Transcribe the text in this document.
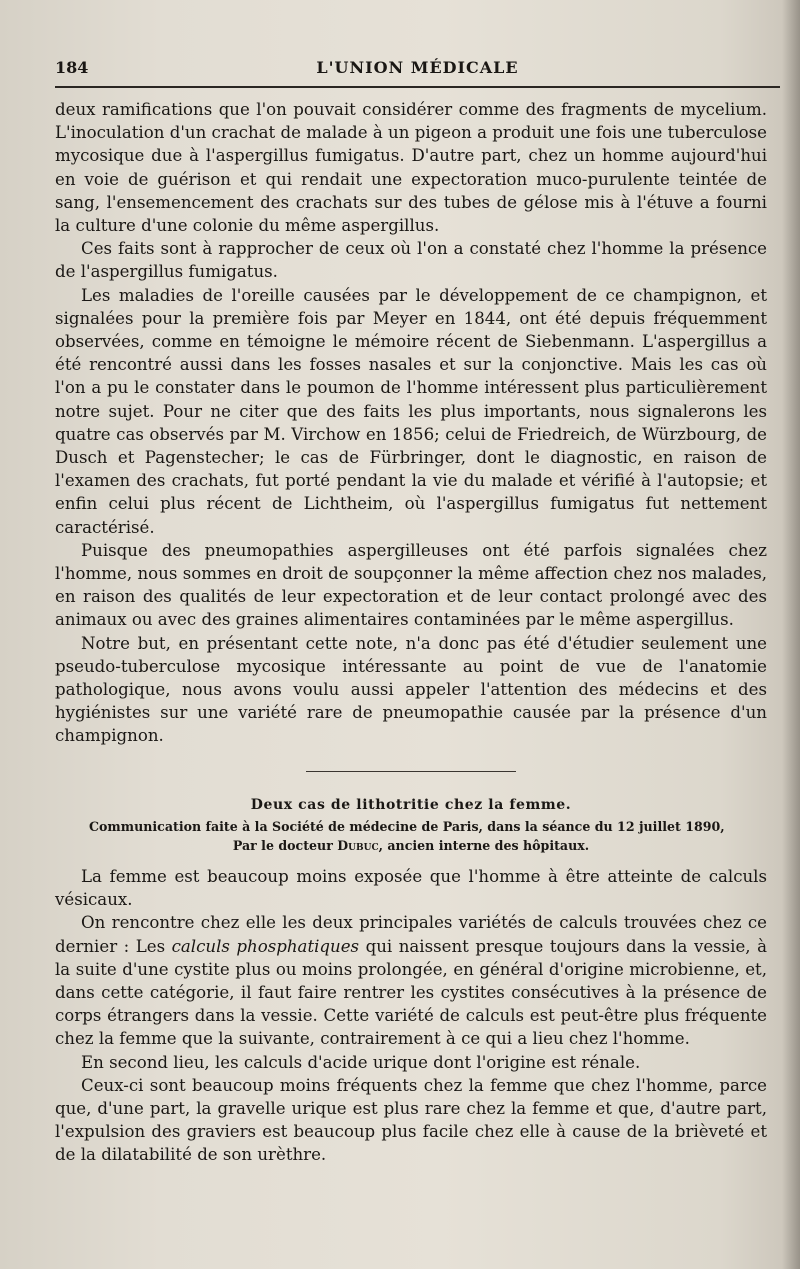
184	L'UNION MÉDICALE

deux ramifications que l'on pouvait considérer comme des fragments de mycelium. L'inoculation d'un crachat de malade à un pigeon a produit une fois une tuberculose mycosique due à l'aspergillus fumigatus. D'autre part, chez un homme aujourd'hui en voie de guérison et qui rendait une expectoration muco-purulente teintée de sang, l'ensemencement des crachats sur des tubes de gélose mis à l'étuve a fourni la culture d'une colonie du même aspergillus.

Ces faits sont à rapprocher de ceux où l'on a constaté chez l'homme la présence de l'aspergillus fumigatus.

Les maladies de l'oreille causées par le développement de ce champignon, et signalées pour la première fois par Meyer en 1844, ont été depuis fréquemment observées, comme en témoigne le mémoire récent de Siebenmann. L'aspergillus a été rencontré aussi dans les fosses nasales et sur la conjonctive. Mais les cas où l'on a pu le constater dans le poumon de l'homme intéressent plus particulièrement notre sujet. Pour ne citer que des faits les plus importants, nous signalerons les quatre cas observés par M. Virchow en 1856; celui de Friedreich, de Würzbourg, de Dusch et Pagenstecher; le cas de Fürbringer, dont le diagnostic, en raison de l'examen des crachats, fut porté pendant la vie du malade et vérifié à l'autopsie; et enfin celui plus récent de Lichtheim, où l'aspergillus fumigatus fut nettement caractérisé.

Puisque des pneumopathies aspergilleuses ont été parfois signalées chez l'homme, nous sommes en droit de soupçonner la même affection chez nos malades, en raison des qualités de leur expectoration et de leur contact prolongé avec des animaux ou avec des graines alimentaires contaminées par le même aspergillus.

Notre but, en présentant cette note, n'a donc pas été d'étudier seulement une pseudo-tuberculose mycosique intéressante au point de vue de l'anatomie pathologique, nous avons voulu aussi appeler l'attention des médecins et des hygiénistes sur une variété rare de pneumopathie causée par la présence d'un champignon.

Deux cas de lithotritie chez la femme.

Communication faite à la Société de médecine de Paris, dans la séance du 12 juillet 1890,
Par le docteur Dubuc, ancien interne des hôpitaux.

La femme est beaucoup moins exposée que l'homme à être atteinte de calculs vésicaux.

On rencontre chez elle les deux principales variétés de calculs trouvées chez ce dernier : Les calculs phosphatiques qui naissent presque toujours dans la vessie, à la suite d'une cystite plus ou moins prolongée, en général d'origine microbienne, et, dans cette catégorie, il faut faire rentrer les cystites consécutives à la présence de corps étrangers dans la vessie. Cette variété de calculs est peut-être plus fréquente chez la femme que la suivante, contrairement à ce qui a lieu chez l'homme.

En second lieu, les calculs d'acide urique dont l'origine est rénale.

Ceux-ci sont beaucoup moins fréquents chez la femme que chez l'homme, parce que, d'une part, la gravelle urique est plus rare chez la femme et que, d'autre part, l'expulsion des graviers est beaucoup plus facile chez elle à cause de la brièveté et de la dilatabilité de son urèthre.
